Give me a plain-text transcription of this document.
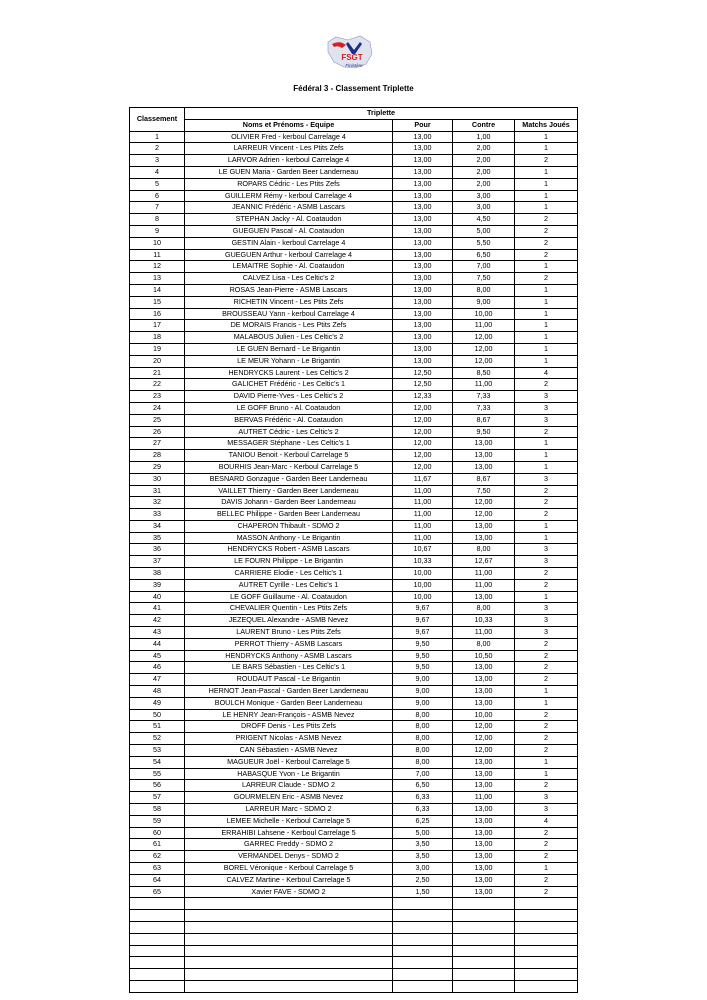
FSGT
Finistère
Fédéral 3 - Classement Triplette
Classement	Triplette			
	Noms et Prénoms - Equipe	Pour	Contre	Matchs Joués
1	OLIVIER Fred - kerboul Carrelage 4	13,00	1,00	1
2	LARREUR Vincent - Les Ptits Zefs	13,00	2,00	1
3	LARVOR Adrien - kerboul Carrelage 4	13,00	2,00	2
4	LE GUEN Maria - Garden Beer Landerneau	13,00	2,00	1
5	ROPARS Cédric - Les Ptits Zefs	13,00	2,00	1
6	GUILLERM Rémy - kerboul Carrelage 4	13,00	3,00	1
7	JEANNIC Frédéric - ASMB Lascars	13,00	3,00	1
8	STEPHAN Jacky - Al. Coataudon	13,00	4,50	2
9	GUEGUEN Pascal - Al. Coataudon	13,00	5,00	2
10	GESTIN Alain - kerboul Carrelage 4	13,00	5,50	2
11	GUEGUEN Arthur - kerboul Carrelage 4	13,00	6,50	2
12	LEMAITRE Sophie - Al. Coataudon	13,00	7,00	1
13	CALVEZ Lisa - Les Celtic's 2	13,00	7,50	2
14	ROSAS Jean-Pierre - ASMB Lascars	13,00	8,00	1
15	RICHETIN Vincent - Les Ptits Zefs	13,00	9,00	1
16	BROUSSEAU Yann - kerboul Carrelage 4	13,00	10,00	1
17	DE MORAIS Francis - Les Ptits Zefs	13,00	11,00	1
18	MALABOUS Julien - Les Celtic's 2	13,00	12,00	1
19	LE GUEN Bernard - Le Brigantin	13,00	12,00	1
20	LE MEUR Yohann - Le Brigantin	13,00	12,00	1
21	HENDRYCKS Laurent - Les Celtic's 2	12,50	8,50	4
22	GALICHET Frédéric - Les Celtic's 1	12,50	11,00	2
23	DAVID Pierre-Yves - Les Celtic's 2	12,33	7,33	3
24	LE GOFF Bruno - Al. Coataudon	12,00	7,33	3
25	BERVAS Frédéric - Al. Coataudon	12,00	8,67	3
26	AUTRET Cédric - Les Celtic's 2	12,00	9,50	2
27	MESSAGER Stéphane - Les Celtic's 1	12,00	13,00	1
28	TANIOU Benoit - Kerboul Carrelage 5	12,00	13,00	1
29	BOURHIS Jean-Marc - Kerboul Carrelage 5	12,00	13,00	1
30	BESNARD Gonzague - Garden Beer Landerneau	11,67	8,67	3
31	VAILLET Thierry - Garden Beer Landerneau	11,00	7,50	2
32	DAVIS Johann - Garden Beer Landerneau	11,00	12,00	2
33	BELLEC Philippe - Garden Beer Landerneau	11,00	12,00	2
34	CHAPERON Thibault - SDMO 2	11,00	13,00	1
35	MASSON Anthony - Le Brigantin	11,00	13,00	1
36	HENDRYCKS Robert - ASMB Lascars	10,67	8,00	3
37	LE FOURN Philippe - Le Brigantin	10,33	12,67	3
38	CARRIERE Elodie - Les Celtic's 1	10,00	11,00	2
39	AUTRET Cyrille - Les Celtic's 1	10,00	11,00	2
40	LE GOFF Guillaume - Al. Coataudon	10,00	13,00	1
41	CHEVALIER Quentin - Les Ptits Zefs	9,67	8,00	3
42	JEZEQUEL Alexandre - ASMB Nevez	9,67	10,33	3
43	LAURENT Bruno - Les Ptits Zefs	9,67	11,00	3
44	PERROT Thierry - ASMB Lascars	9,50	8,00	2
45	HENDRYCKS Anthony - ASMB Lascars	9,50	10,50	2
46	LE BARS Sébastien - Les Celtic's 1	9,50	13,00	2
47	ROUDAUT Pascal - Le Brigantin	9,00	13,00	2
48	HERNOT Jean-Pascal - Garden Beer Landerneau	9,00	13,00	1
49	BOULCH Monique - Garden Beer Landerneau	9,00	13,00	1
50	LE HENRY Jean-François - ASMB Nevez	8,00	10,00	2
51	DROFF Denis - Les Ptits Zefs	8,00	12,00	2
52	PRIGENT Nicolas - ASMB Nevez	8,00	12,00	2
53	CAN Sébastien - ASMB Nevez	8,00	12,00	2
54	MAGUEUR Joël - Kerboul Carrelage 5	8,00	13,00	1
55	HABASQUE Yvon - Le Brigantin	7,00	13,00	1
56	LARREUR Claude - SDMO 2	6,50	13,00	2
57	GOURMELEN Eric - ASMB Nevez	6,33	11,00	3
58	LARREUR Marc - SDMO 2	6,33	13,00	3
59	LEMEE Michelle - Kerboul Carrelage 5	6,25	13,00	4
60	ERRAHIBI Lahsene - Kerboul Carrelage 5	5,00	13,00	2
61	GARREC Freddy - SDMO 2	3,50	13,00	2
62	VERMANDEL Denys - SDMO 2	3,50	13,00	2
63	BOREL Véronique - Kerboul Carrelage 5	3,00	13,00	1
64	CALVEZ Martine - Kerboul Carrelage 5	2,50	13,00	2
65	Xavier FAVE - SDMO 2	1,50	13,00	2
